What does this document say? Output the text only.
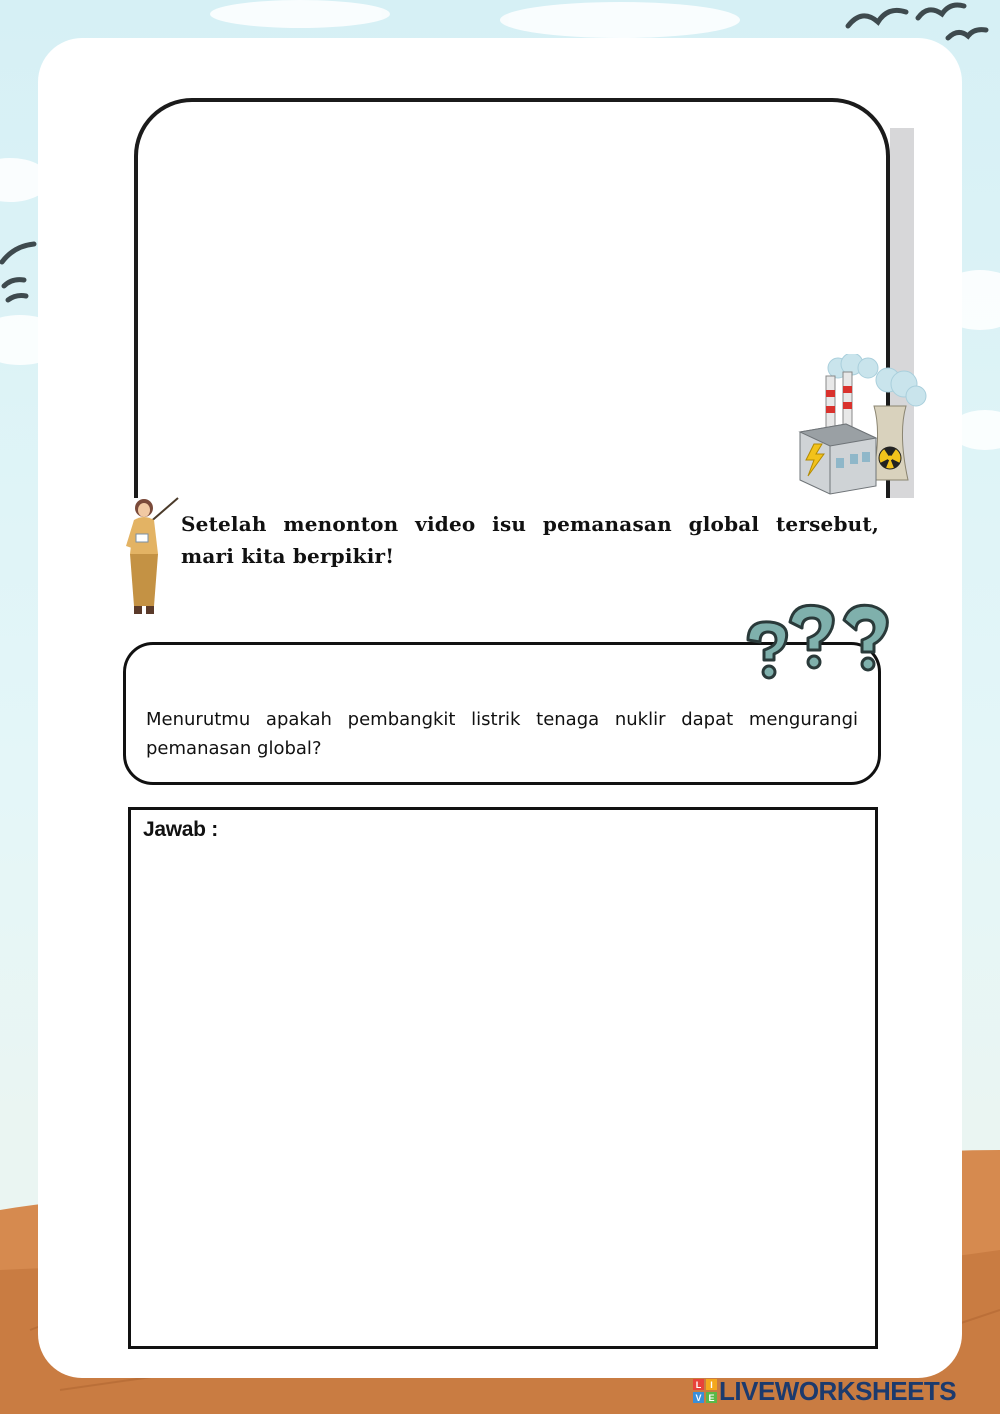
Setelah menonton video isu pemanasan global tersebut, mari kita berpikir!

Menurutmu apakah pembangkit listrik tenaga nuklir dapat mengurangi pemanasan global?

Jawab :
L I
V E LIVEWORKSHEETS
